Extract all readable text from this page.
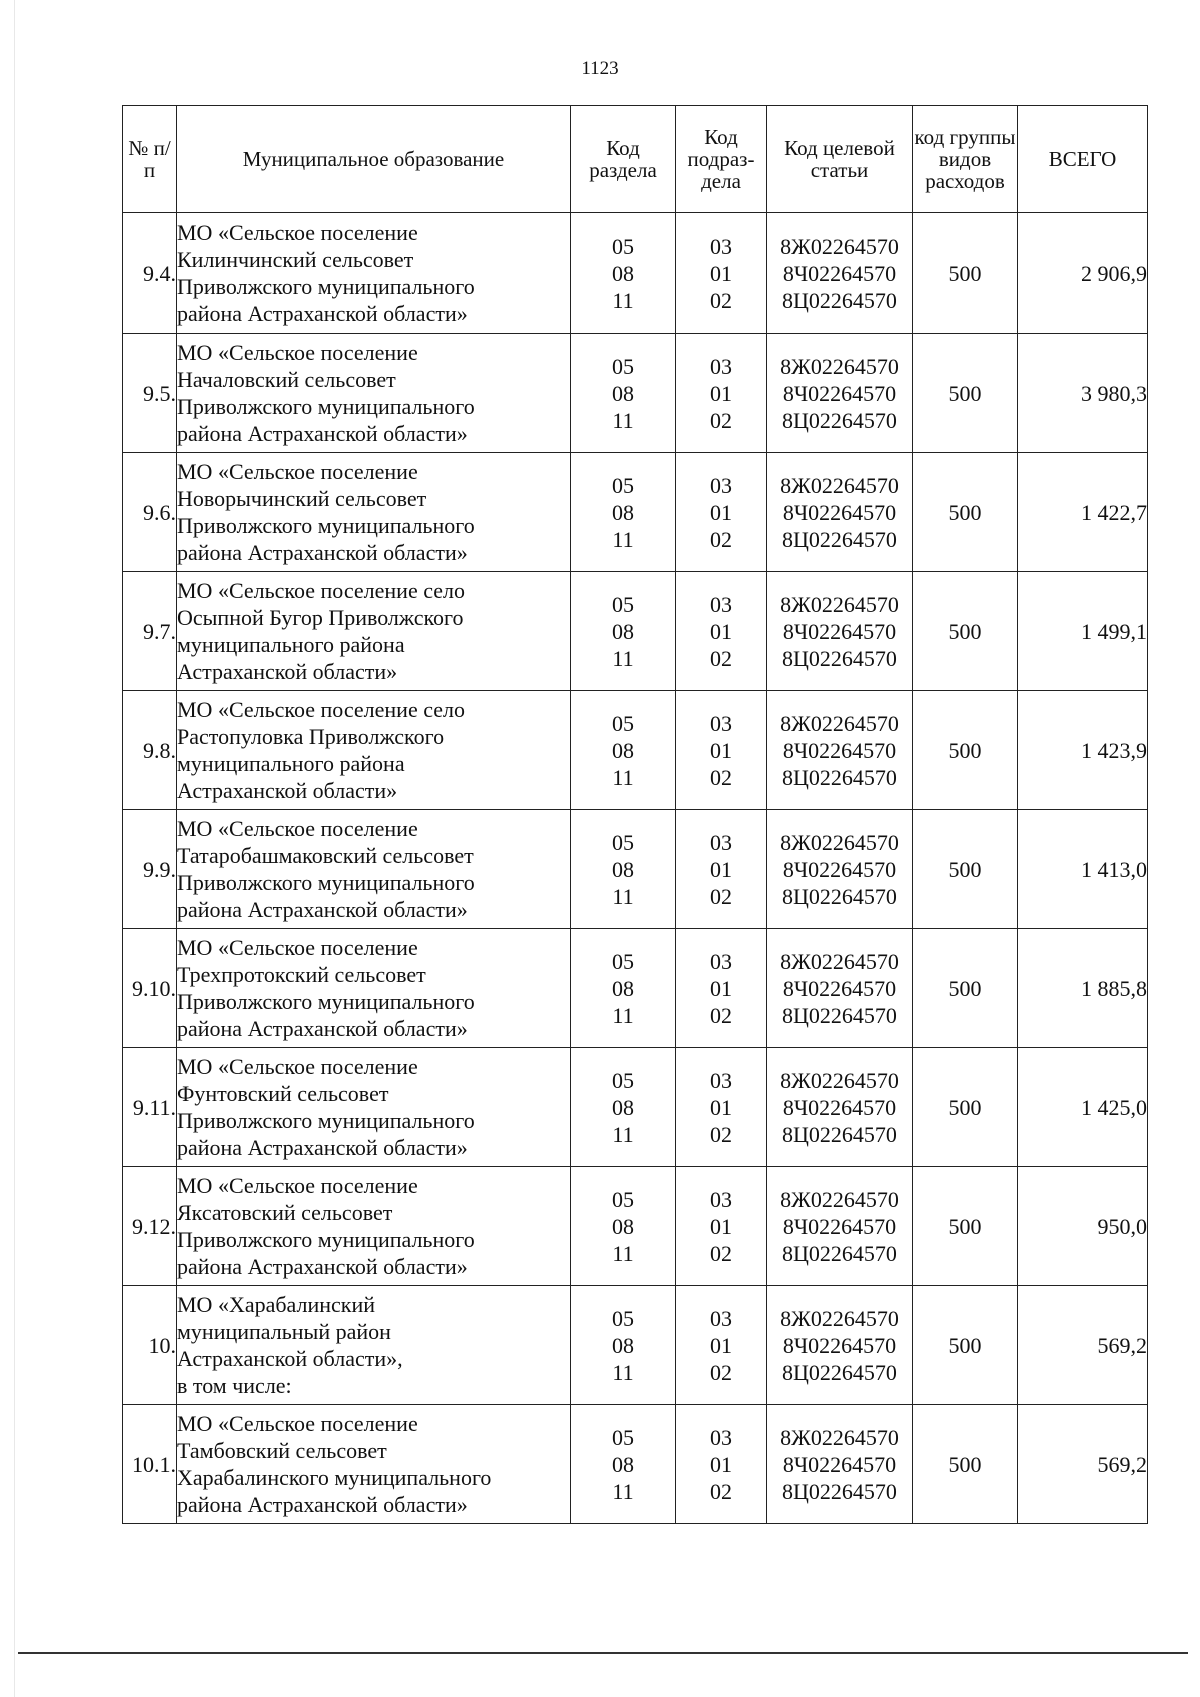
1123
№ п/п	Муниципальное образование	Код раздела	Код подраз-дела	Код целевой статьи	код группы видов расходов	ВСЕГО
9.4.	МО «Сельское поселение
Килинчинский сельсовет
Приволжского муниципального
района Астраханской области»	05
08
11	03
01
02	8Ж02264570
8Ч02264570
8Ц02264570	500	2 906,9
9.5.	МО «Сельское поселение
Началовский сельсовет
Приволжского муниципального
района Астраханской области»	05
08
11	03
01
02	8Ж02264570
8Ч02264570
8Ц02264570	500	3 980,3
9.6.	МО «Сельское поселение
Новорычинский сельсовет
Приволжского муниципального
района Астраханской области»	05
08
11	03
01
02	8Ж02264570
8Ч02264570
8Ц02264570	500	1 422,7
9.7.	МО «Сельское поселение село
Осыпной Бугор Приволжского
муниципального района
Астраханской области»	05
08
11	03
01
02	8Ж02264570
8Ч02264570
8Ц02264570	500	1 499,1
9.8.	МО «Сельское поселение село
Растопуловка Приволжского
муниципального района
Астраханской области»	05
08
11	03
01
02	8Ж02264570
8Ч02264570
8Ц02264570	500	1 423,9
9.9.	МО «Сельское поселение
Татаробашмаковский сельсовет
Приволжского муниципального
района Астраханской области»	05
08
11	03
01
02	8Ж02264570
8Ч02264570
8Ц02264570	500	1 413,0
9.10.	МО «Сельское поселение
Трехпротокский сельсовет
Приволжского муниципального
района Астраханской области»	05
08
11	03
01
02	8Ж02264570
8Ч02264570
8Ц02264570	500	1 885,8
9.11.	МО «Сельское поселение
Фунтовский сельсовет
Приволжского муниципального
района Астраханской области»	05
08
11	03
01
02	8Ж02264570
8Ч02264570
8Ц02264570	500	1 425,0
9.12.	МО «Сельское поселение
Яксатовский сельсовет
Приволжского муниципального
района Астраханской области»	05
08
11	03
01
02	8Ж02264570
8Ч02264570
8Ц02264570	500	950,0
10.	МО «Харабалинский
муниципальный район
Астраханской области»,
в том числе:	05
08
11	03
01
02	8Ж02264570
8Ч02264570
8Ц02264570	500	569,2
10.1.	МО «Сельское поселение
Тамбовский сельсовет
Харабалинского муниципального
района Астраханской области»	05
08
11	03
01
02	8Ж02264570
8Ч02264570
8Ц02264570	500	569,2
